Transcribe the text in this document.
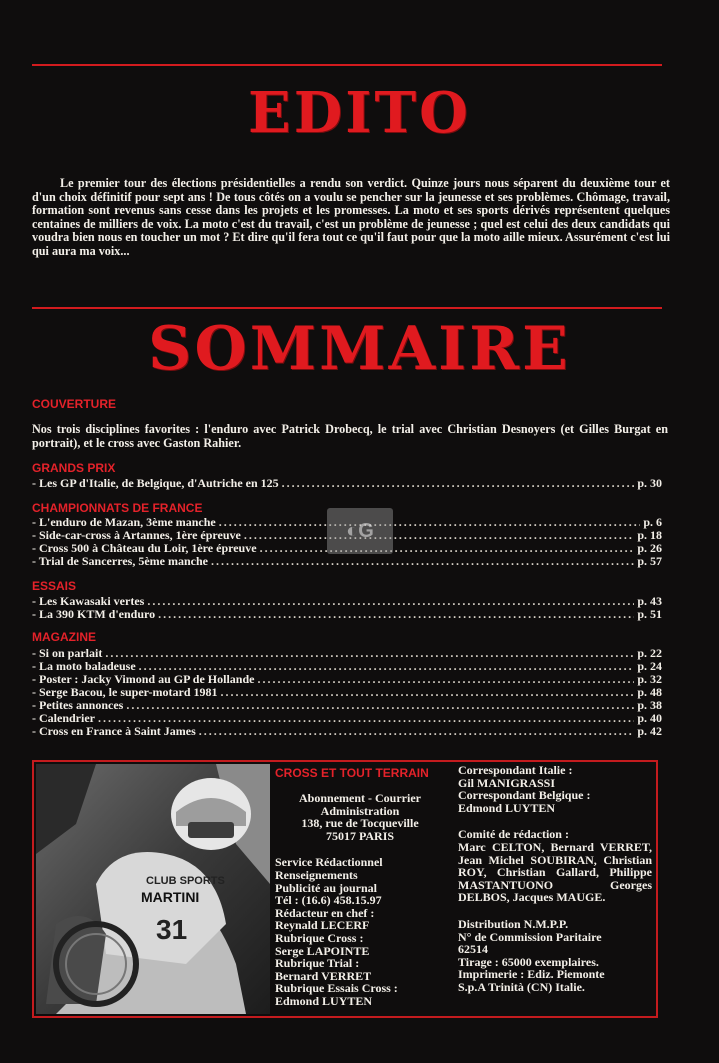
EDITO
Le premier tour des élections présidentielles a rendu son verdict. Quinze jours nous séparent du deuxième tour et d'un choix définitif pour sept ans ! De tous côtés on a voulu se pencher sur la jeunesse et ses problèmes. Chômage, travail, formation sont revenus sans cesse dans les projets et les promesses. La moto et ses sports dérivés représentent quelques centaines de milliers de voix. La moto c'est du travail, c'est un problème de jeunesse ; quel est celui des deux candidats qui voudra bien nous en toucher un mot ? Et dire qu'il fera tout ce qu'il faut pour que la moto aille mieux. Assurément c'est lui qui aura ma voix...
SOMMAIRE
COUVERTURE
Nos trois disciplines favorites : l'enduro avec Patrick Drobecq, le trial avec Christian Desnoyers (et Gilles Burgat en portrait), et le cross avec Gaston Rahier.
GRANDS PRIX
- Les GP d'Italie, de Belgique, d'Autriche en 125 .....	p. 30
CHAMPIONNATS DE FRANCE
- L'enduro de Mazan, 3ème manche .....	p. 6
- Side-car-cross à Artannes, 1ère épreuve .....	p. 18
- Cross 500 à Château du Loir, 1ère épreuve .....	p. 26
- Trial de Sancerres, 5ème manche .....	p. 57
ESSAIS
- Les Kawasaki vertes .....	p. 43
- La 390 KTM d'enduro .....	p. 51
MAGAZINE
- Si on parlait .....	p. 22
- La moto baladeuse .....	p. 24
- Poster : Jacky Vimond au GP de Hollande .....	p. 32
- Serge Bacou, le super-motard 1981 .....	p. 48
- Petites annonces .....	p. 38
- Calendrier .....	p. 40
- Cross en France à Saint James .....	p. 42
◐G
CLUB SPORTS
MARTINI
31
CROSS ET TOUT TERRAIN
Abonnement - Courrier
Administration
138, rue de Tocqueville
75017 PARIS
Service Rédactionnel
Renseignements
Publicité au journal
Tél : (16.6) 458.15.97
Rédacteur en chef :
Reynald LECERF
Rubrique Cross :
Serge LAPOINTE
Rubrique Trial :
Bernard VERRET
Rubrique Essais Cross :
Edmond LUYTEN
Correspondant Italie :
Gil MANIGRASSI
Correspondant Belgique :
Edmond LUYTEN
Comité de rédaction :
Marc CELTON, Bernard VERRET, Jean Michel SOUBIRAN, Christian ROY, Christian Gallard, Philippe MASTANTUONO Georges DELBOS, Jacques MAUGE.
Distribution N.M.P.P.
N° de Commission Paritaire
62514
Tirage : 65000 exemplaires.
Imprimerie : Ediz. Piemonte
S.p.A Trinità (CN) Italie.
